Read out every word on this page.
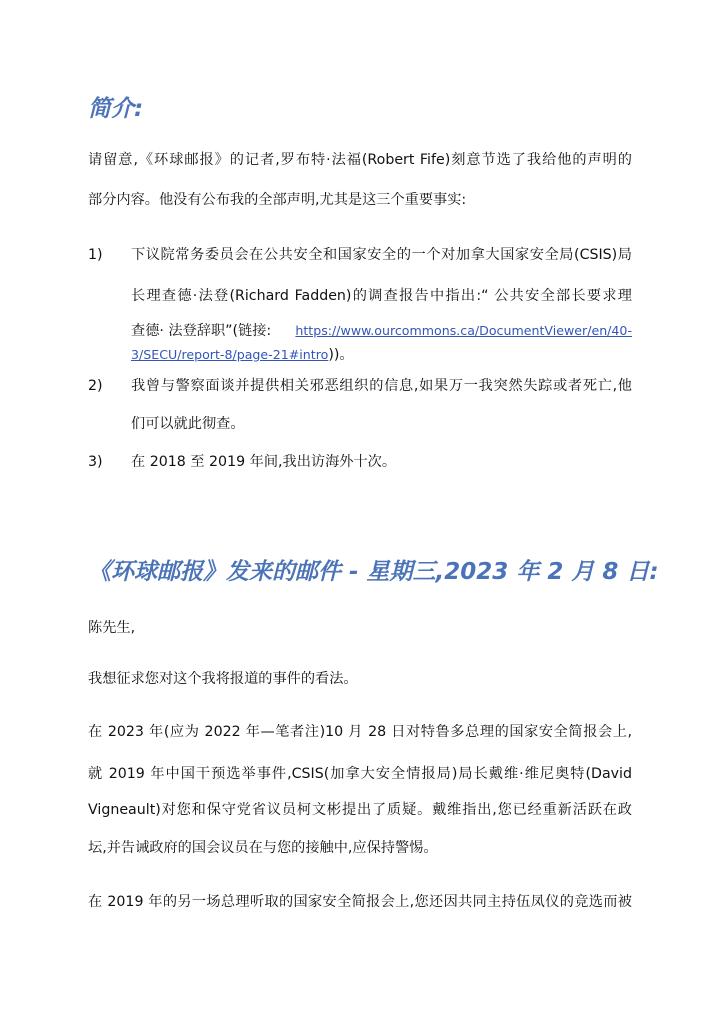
简介:
请留意,《环球邮报》的记者,罗布特·法福(Robert Fife)刻意节选了我给他的声明的
部分内容。他没有公布我的全部声明,尤其是这三个重要事实:
1) 下议院常务委员会在公共安全和国家安全的一个对加拿大国家安全局(CSIS)局
长理查德·法登(Richard Fadden)的调查报告中指出:“ 公共安全部长要求理
查德· 法登辞职”(链接: https://www.ourcommons.ca/DocumentViewer/en/40-
3/SECU/report-8/page-21#intro))。
2) 我曾与警察面谈并提供相关邪恶组织的信息,如果万一我突然失踪或者死亡,他
们可以就此彻查。
3) 在 2018 至 2019 年间,我出访海外十次。
《环球邮报》发来的邮件 - 星期三,2023 年 2 月 8 日:
陈先生,
我想征求您对这个我将报道的事件的看法。
在 2023 年(应为 2022 年—笔者注)10 月 28 日对特鲁多总理的国家安全简报会上,
就 2019 年中国干预选举事件,CSIS(加拿大安全情报局)局长戴维·维尼奥特(David
Vigneault)对您和保守党省议员柯文彬提出了质疑。戴维指出,您已经重新活跃在政
坛,并告诫政府的国会议员在与您的接触中,应保持警惕。
在 2019 年的另一场总理听取的国家安全简报会上,您还因共同主持伍凤仪的竞选而被
